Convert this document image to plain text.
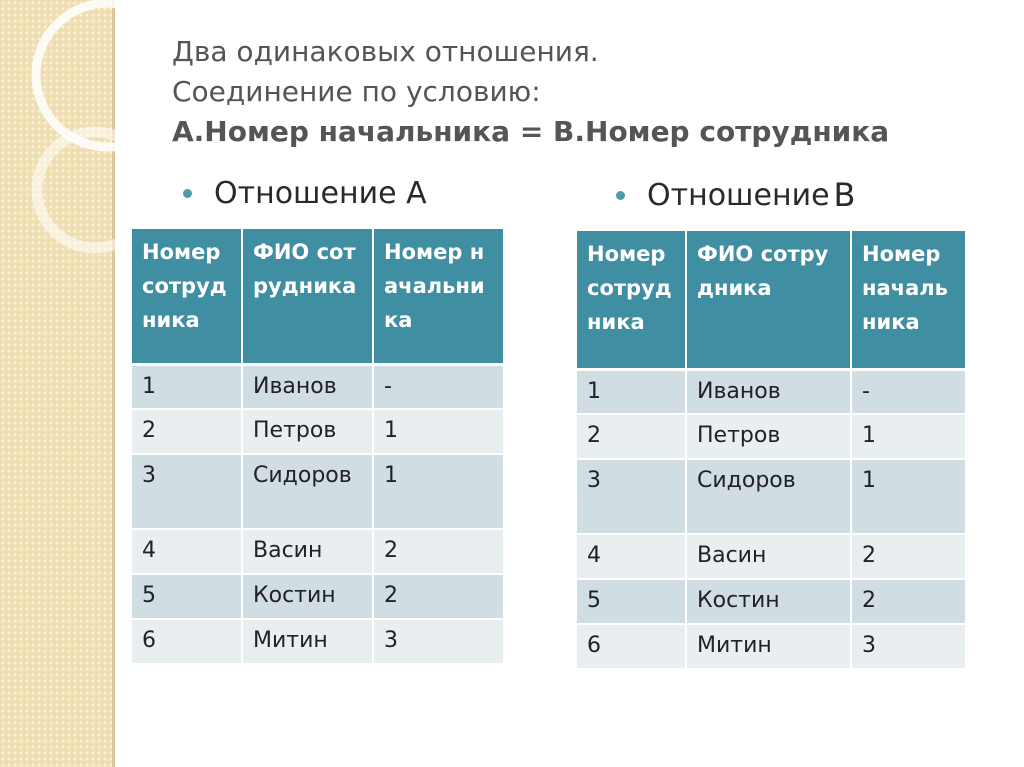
Два одинаковых отношения.
Соединение по условию:
А.Номер начальника = В.Номер сотрудника
Отношение А	Отношение В
Номер сотрудника	ФИО сотрудника	Номер начальника
1	Иванов	-
2	Петров	1
3	Сидоров	1
4	Васин	2
5	Костин	2
6	Митин	3
Номер сотрудника	ФИО сотрудника	Номер начальника
1	Иванов	-
2	Петров	1
3	Сидоров	1
4	Васин	2
5	Костин	2
6	Митин	3
